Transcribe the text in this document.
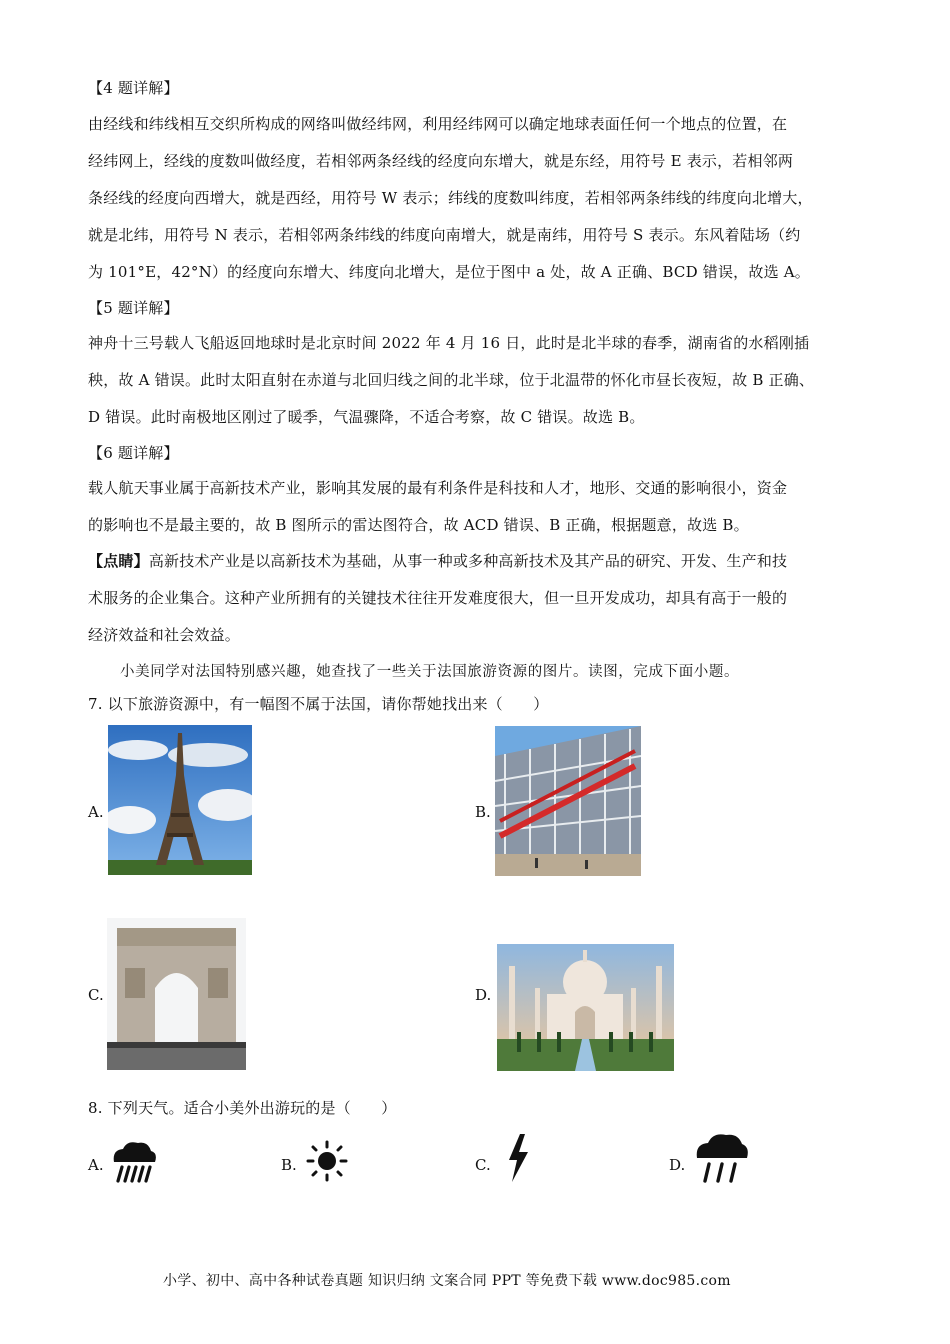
【4 题详解】
由经线和纬线相互交织所构成的网络叫做经纬网，利用经纬网可以确定地球表面任何一个地点的位置，在
经纬网上，经线的度数叫做经度，若相邻两条经线的经度向东增大，就是东经，用符号 E 表示，若相邻两
条经线的经度向西增大，就是西经，用符号 W 表示；纬线的度数叫纬度，若相邻两条纬线的纬度向北增大，
就是北纬，用符号 N 表示，若相邻两条纬线的纬度向南增大，就是南纬，用符号 S 表示。东风着陆场（约
为 101°E，42°N）的经度向东增大、纬度向北增大，是位于图中 a 处，故 A 正确、BCD 错误，故选 A。
【5 题详解】
神舟十三号载人飞船返回地球时是北京时间 2022 年 4 月 16 日，此时是北半球的春季，湖南省的水稻刚插
秧，故 A 错误。此时太阳直射在赤道与北回归线之间的北半球，位于北温带的怀化市昼长夜短，故 B 正确、
D 错误。此时南极地区刚过了暖季，气温骤降，不适合考察，故 C 错误。故选 B。
【6 题详解】
载人航天事业属于高新技术产业，影响其发展的最有利条件是科技和人才，地形、交通的影响很小，资金
的影响也不是最主要的，故 B 图所示的雷达图符合，故 ACD 错误、B 正确，根据题意，故选 B。
【点睛】高新技术产业是以高新技术为基础，从事一种或多种高新技术及其产品的研究、开发、生产和技
术服务的企业集合。这种产业所拥有的关键技术往往开发难度很大，但一旦开发成功，却具有高于一般的
经济效益和社会效益。
小美同学对法国特别感兴趣，她查找了一些关于法国旅游资源的图片。读图，完成下面小题。
7. 以下旅游资源中，有一幅图不属于法国，请你帮她找出来（　　）
A.	B.
C.	D.
8. 下列天气。适合小美外出游玩的是（　　）
A.	B.	C.	D.
小学、初中、高中各种试卷真题 知识归纳 文案合同 PPT 等免费下载 www.doc985.com
